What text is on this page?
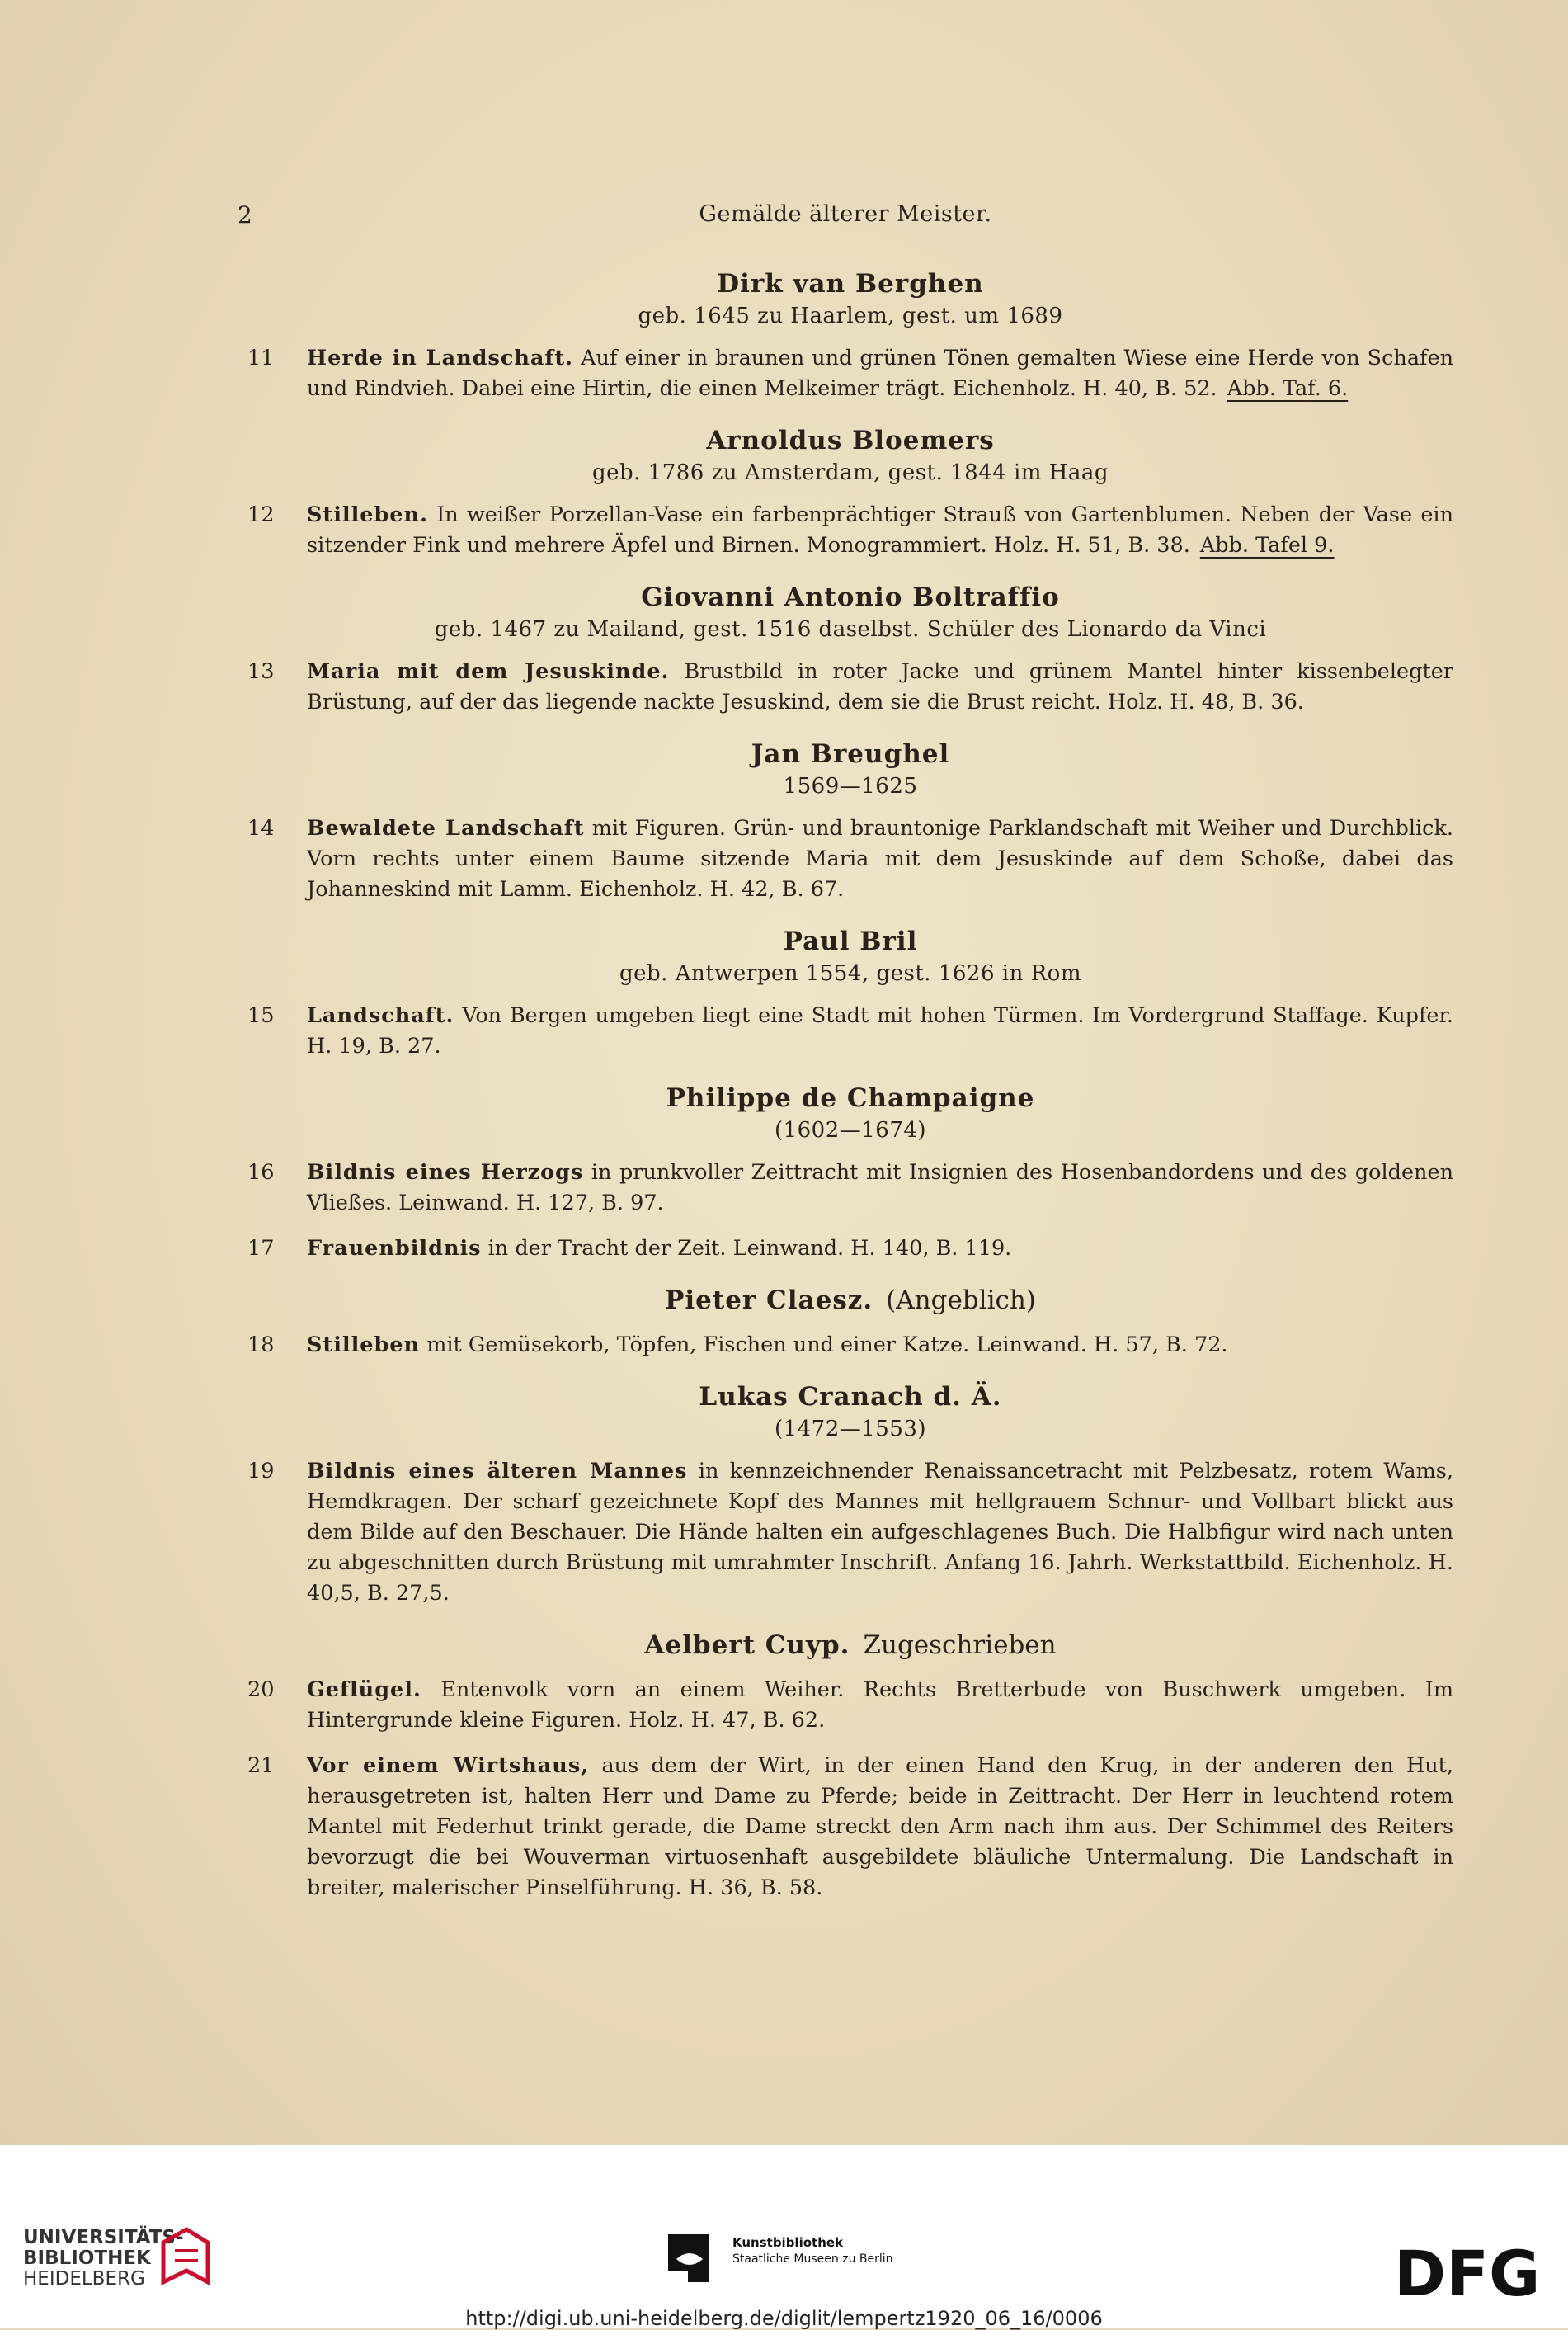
2	Gemälde älterer Meister.
Dirk van Berghen
geb. 1645 zu Haarlem, gest. um 1689
11	Herde in Landschaft. Auf einer in braunen und grünen Tönen gemalten Wiese eine Herde von Schafen und Rindvieh. Dabei eine Hirtin, die einen Melkeimer trägt. Eichenholz. H. 40, B. 52. Abb. Taf. 6.
Arnoldus Bloemers
geb. 1786 zu Amsterdam, gest. 1844 im Haag
12	Stilleben. In weißer Porzellan-Vase ein farbenprächtiger Strauß von Gartenblumen. Neben der Vase ein sitzender Fink und mehrere Äpfel und Birnen. Monogrammiert. Holz. H. 51, B. 38. Abb. Tafel 9.
Giovanni Antonio Boltraffio
geb. 1467 zu Mailand, gest. 1516 daselbst. Schüler des Lionardo da Vinci
13	Maria mit dem Jesuskinde. Brustbild in roter Jacke und grünem Mantel hinter kissenbelegter Brüstung, auf der das liegende nackte Jesuskind, dem sie die Brust reicht. Holz. H. 48, B. 36.
Jan Breughel
1569—1625
14	Bewaldete Landschaft mit Figuren. Grün- und brauntonige Parklandschaft mit Weiher und Durchblick. Vorn rechts unter einem Baume sitzende Maria mit dem Jesuskinde auf dem Schoße, dabei das Johanneskind mit Lamm. Eichenholz. H. 42, B. 67.
Paul Bril
geb. Antwerpen 1554, gest. 1626 in Rom
15	Landschaft. Von Bergen umgeben liegt eine Stadt mit hohen Türmen. Im Vordergrund Staffage. Kupfer. H. 19, B. 27.
Philippe de Champaigne
(1602—1674)
16	Bildnis eines Herzogs in prunkvoller Zeittracht mit Insignien des Hosenbandordens und des goldenen Vließes. Leinwand. H. 127, B. 97.
17	Frauenbildnis in der Tracht der Zeit. Leinwand. H. 140, B. 119.
Pieter Claesz. (Angeblich)
18	Stilleben mit Gemüsekorb, Töpfen, Fischen und einer Katze. Leinwand. H. 57, B. 72.
Lukas Cranach d. Ä.
(1472—1553)
19	Bildnis eines älteren Mannes in kennzeichnender Renaissancetracht mit Pelzbesatz, rotem Wams, Hemdkragen. Der scharf gezeichnete Kopf des Mannes mit hellgrauem Schnur- und Vollbart blickt aus dem Bilde auf den Beschauer. Die Hände halten ein aufgeschlagenes Buch. Die Halbfigur wird nach unten zu abgeschnitten durch Brüstung mit umrahmter Inschrift. Anfang 16. Jahrh. Werkstattbild. Eichenholz. H. 40,5, B. 27,5.
Aelbert Cuyp. Zugeschrieben
20	Geflügel. Entenvolk vorn an einem Weiher. Rechts Bretterbude von Buschwerk umgeben. Im Hintergrunde kleine Figuren. Holz. H. 47, B. 62.
21	Vor einem Wirtshaus, aus dem der Wirt, in der einen Hand den Krug, in der anderen den Hut, herausgetreten ist, halten Herr und Dame zu Pferde; beide in Zeittracht. Der Herr in leuchtend rotem Mantel mit Federhut trinkt gerade, die Dame streckt den Arm nach ihm aus. Der Schimmel des Reiters bevorzugt die bei Wouverman virtuosenhaft ausgebildete bläuliche Untermalung. Die Landschaft in breiter, malerischer Pinselführung. H. 36, B. 58.
UNIVERSITÄTS-
BIBLIOTHEK
HEIDELBERG
Kunstbibliothek
Staatliche Museen zu Berlin	DFG
http://digi.ub.uni-heidelberg.de/diglit/lempertz1920_06_16/0006
